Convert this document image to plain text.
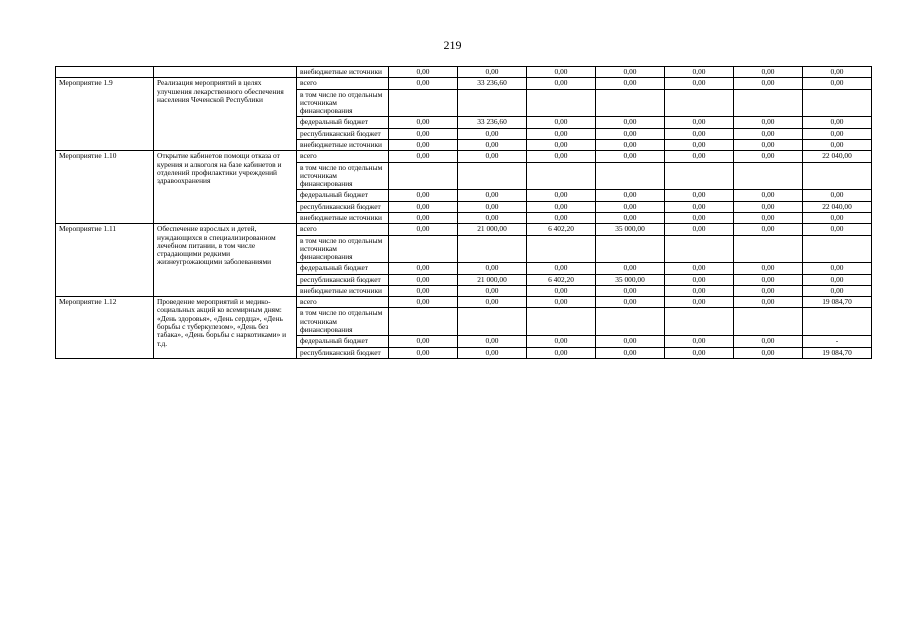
219
		внебюджетные источники	0,00	0,00	0,00	0,00	0,00	0,00	0,00
Мероприятие 1.9	Реализация мероприятий в целях улучшения лекарственного обеспечения населения Чеченской Республики	всего	0,00	33 236,60	0,00	0,00	0,00	0,00	0,00
		в том числе по отдельным источникам финансирования							
		федеральный бюджет	0,00	33 236,60	0,00	0,00	0,00	0,00	0,00
		республиканский бюджет	0,00	0,00	0,00	0,00	0,00	0,00	0,00
		внебюджетные источники	0,00	0,00	0,00	0,00	0,00	0,00	0,00
Мероприятие 1.10	Открытие кабинетов помощи отказа от курения и алкоголя на базе кабинетов и отделений профилактики учреждений здравоохранения	всего	0,00	0,00	0,00	0,00	0,00	0,00	22 040,00
		в том числе по отдельным источникам финансирования							
		федеральный бюджет	0,00	0,00	0,00	0,00	0,00	0,00	0,00
		республиканский бюджет	0,00	0,00	0,00	0,00	0,00	0,00	22 040,00
		внебюджетные источники	0,00	0,00	0,00	0,00	0,00	0,00	0,00
Мероприятие 1.11	Обеспечение взрослых и детей, нуждающихся в специализированном лечебном питании, в том числе страдающими редкими жизнеугрожающими заболеваниями	всего	0,00	21 000,00	6 402,20	35 000,00	0,00	0,00	0,00
		в том числе по отдельным источникам финансирования							
		федеральный бюджет	0,00	0,00	0,00	0,00	0,00	0,00	0,00
		республиканский бюджет	0,00	21 000,00	6 402,20	35 000,00	0,00	0,00	0,00
		внебюджетные источники	0,00	0,00	0,00	0,00	0,00	0,00	0,00
Мероприятие 1.12	Проведение мероприятий и медико-социальных акций ко всемирным дням: «День здоровья», «День сердца», «День борьбы с туберкулезом», «День без табака», «День борьбы с наркотиками» и т.д.	всего	0,00	0,00	0,00	0,00	0,00	0,00	19 084,70
		в том числе по отдельным источникам финансирования							
		федеральный бюджет	0,00	0,00	0,00	0,00	0,00	0,00	-
		республиканский бюджет	0,00	0,00	0,00	0,00	0,00	0,00	19 084,70
